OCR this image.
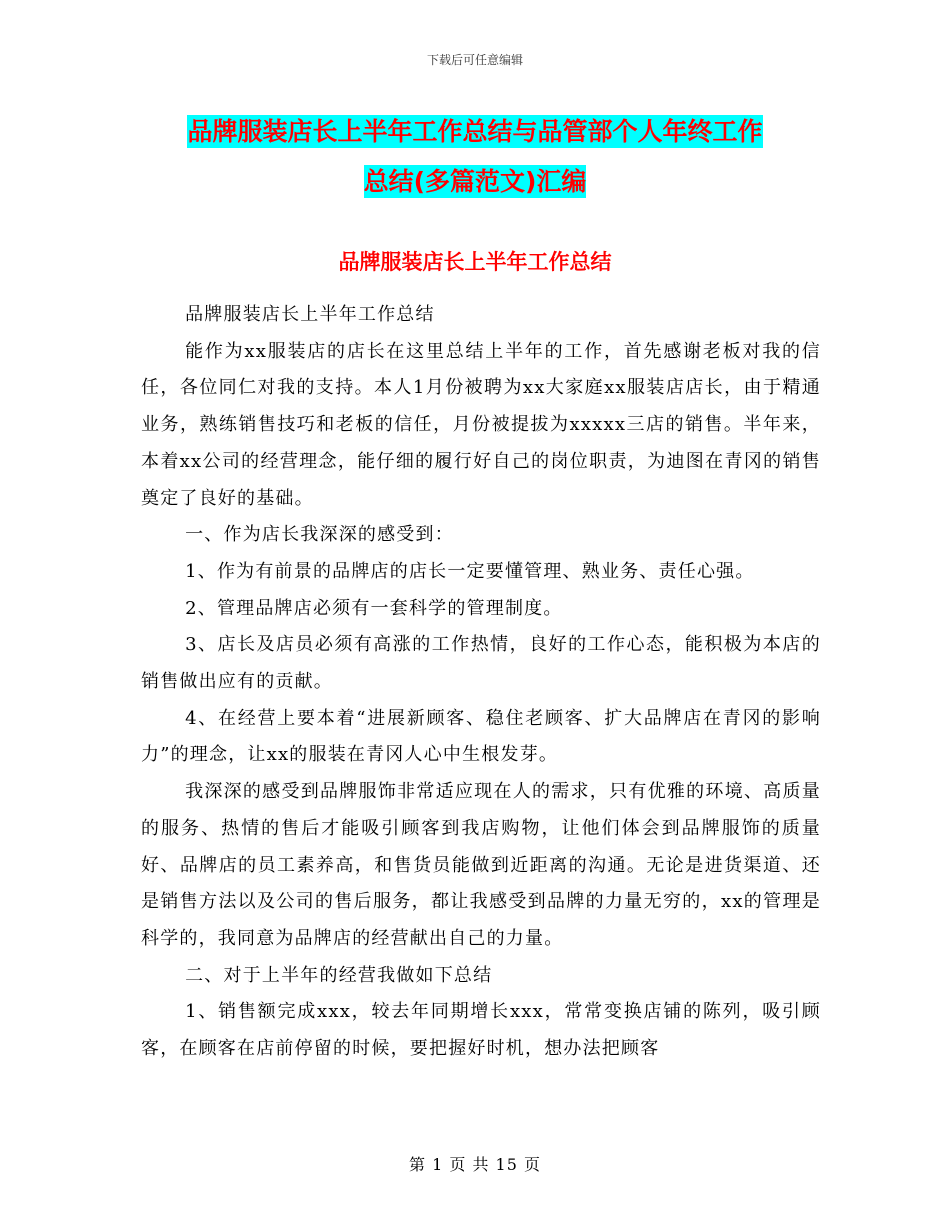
下载后可任意编辑
品牌服装店长上半年工作总结与品管部个人年终工作
总结(多篇范文)汇编
品牌服装店长上半年工作总结

品牌服装店长上半年工作总结

能作为xx服装店的店长在这里总结上半年的工作，首先感谢老板对我的信任，各位同仁对我的支持。本人1月份被聘为xx大家庭xx服装店店长，由于精通业务，熟练销售技巧和老板的信任，月份被提拔为xxxxx三店的销售。半年来，本着xx公司的经营理念，能仔细的履行好自己的岗位职责，为迪图在青冈的销售奠定了良好的基础。

一、作为店长我深深的感受到：

1、作为有前景的品牌店的店长一定要懂管理、熟业务、责任心强。

2、管理品牌店必须有一套科学的管理制度。

3、店长及店员必须有高涨的工作热情，良好的工作心态，能积极为本店的销售做出应有的贡献。

4、在经营上要本着“进展新顾客、稳住老顾客、扩大品牌店在青冈的影响力”的理念，让xx的服装在青冈人心中生根发芽。

我深深的感受到品牌服饰非常适应现在人的需求，只有优雅的环境、高质量的服务、热情的售后才能吸引顾客到我店购物，让他们体会到品牌服饰的质量好、品牌店的员工素养高，和售货员能做到近距离的沟通。无论是进货渠道、还是销售方法以及公司的售后服务，都让我感受到品牌的力量无穷的，xx的管理是科学的，我同意为品牌店的经营献出自己的力量。

二、对于上半年的经营我做如下总结

1、销售额完成xxx，较去年同期增长xxx，常常变换店铺的陈列，吸引顾客，在顾客在店前停留的时候，要把握好时机，想办法把顾客

第 1 页 共 15 页
